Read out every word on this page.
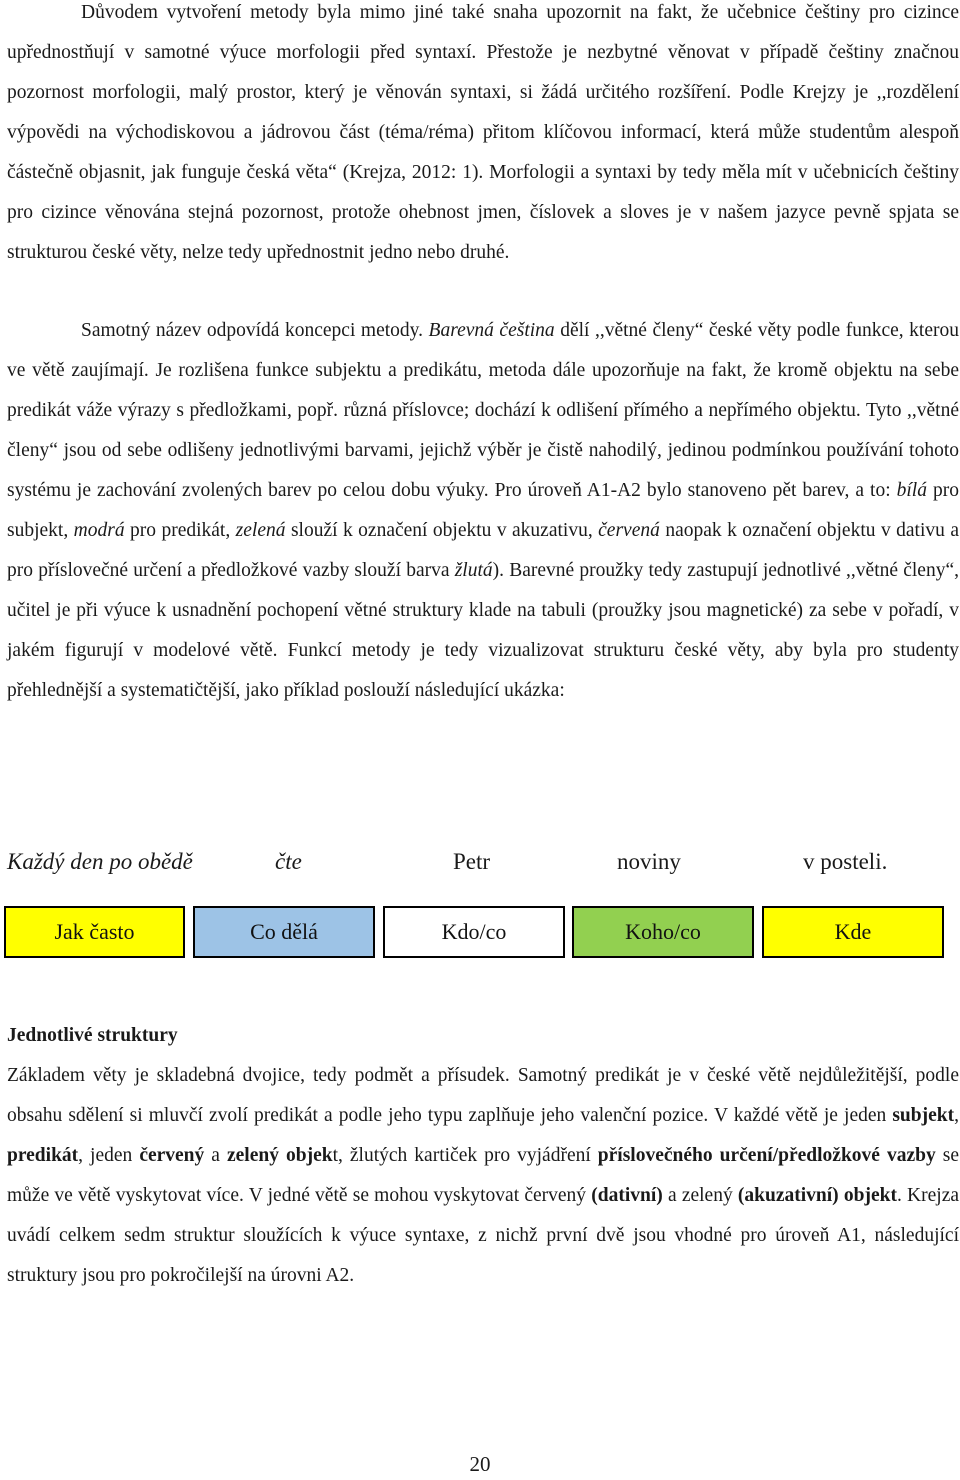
Důvodem vytvoření metody byla mimo jiné také snaha upozornit na fakt, že učebnice češtiny pro cizince upřednostňují v samotné výuce morfologii před syntaxí. Přestože je nezbytné věnovat v případě češtiny značnou pozornost morfologii, malý prostor, který je věnován syntaxi, si žádá určitého rozšíření. Podle Krejzy je ,,rozdělení výpovědi na východiskovou a jádrovou část (téma/réma) přitom klíčovou informací, která může studentům alespoň částečně objasnit, jak funguje česká věta“ (Krejza, 2012: 1). Morfologii a syntaxi by tedy měla mít v učebnicích češtiny pro cizince věnována stejná pozornost, protože ohebnost jmen, číslovek a sloves je v našem jazyce pevně spjata se strukturou české věty, nelze tedy upřednostnit jedno nebo druhé.

Samotný název odpovídá koncepci metody. Barevná čeština dělí ,,větné členy“ české věty podle funkce, kterou ve větě zaujímají. Je rozlišena funkce subjektu a predikátu, metoda dále upozorňuje na fakt, že kromě objektu na sebe predikát váže výrazy s předložkami, popř. různá příslovce; dochází k odlišení přímého a nepřímého objektu. Tyto ,,větné členy“ jsou od sebe odlišeny jednotlivými barvami, jejichž výběr je čistě nahodilý, jedinou podmínkou používání tohoto systému je zachování zvolených barev po celou dobu výuky. Pro úroveň A1-A2 bylo stanoveno pět barev, a to: bílá pro subjekt, modrá pro predikát, zelená slouží k označení objektu v akuzativu, červená naopak k označení objektu v dativu a pro příslovečné určení a předložkové vazby slouží barva žlutá). Barevné proužky tedy zastupují jednotlivé ,,větné členy“, učitel je při výuce k usnadnění pochopení větné struktury klade na tabuli (proužky jsou magnetické) za sebe v pořadí, v jakém figurují v modelové větě. Funkcí metody je tedy vizualizovat strukturu české věty, aby byla pro studenty přehlednější a systematičtější, jako příklad poslouží následující ukázka:

Každý den po obědě	čte	Petr	noviny	v posteli.
Jak často	Co dělá	Kdo/co	Koho/co	Kde
Jednotlivé struktury

Základem věty je skladebná dvojice, tedy podmět a přísudek. Samotný predikát je v české větě nejdůležitější, podle obsahu sdělení si mluvčí zvolí predikát a podle jeho typu zaplňuje jeho valenční pozice. V každé větě je jeden subjekt, predikát, jeden červený a zelený objekt, žlutých kartiček pro vyjádření příslovečného určení/předložkové vazby se může ve větě vyskytovat více. V jedné větě se mohou vyskytovat červený (dativní) a zelený (akuzativní) objekt. Krejza uvádí celkem sedm struktur sloužících k výuce syntaxe, z nichž první dvě jsou vhodné pro úroveň A1, následující struktury jsou pro pokročilejší na úrovni A2.

20
